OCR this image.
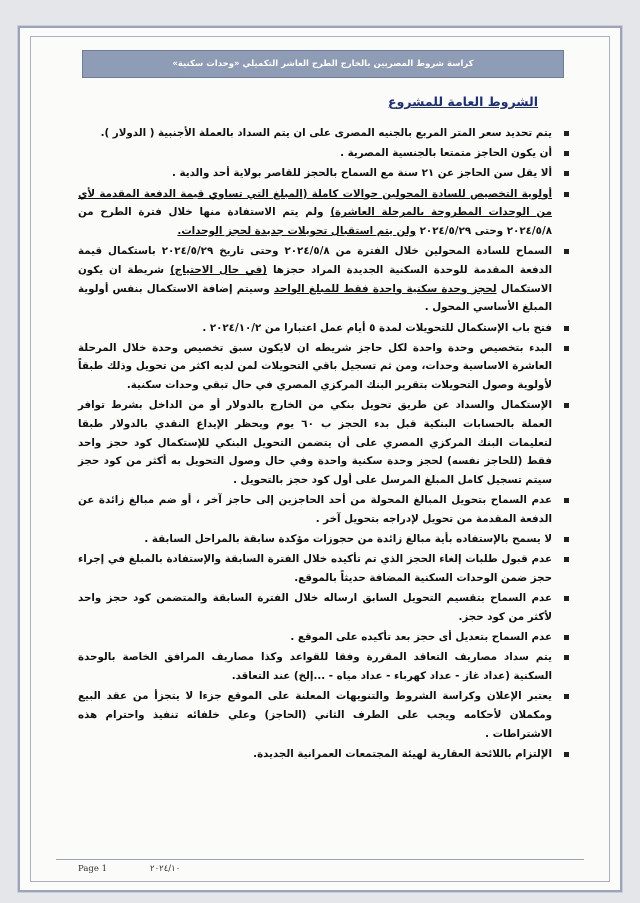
كراسة شروط المصريين بالخارج الطرح العاشر التكميلي «وحدات سكنية»
الشروط العامة للمشروع
يتم تحديد سعر المتر المربع بالجنيه المصرى على ان يتم السداد بالعملة الأجنبية ( الدولار ).
أن يكون الحاجز متمتعا بالجنسية المصرية .
ألا يقل سن الحاجز عن ٢١ سنة مع السماح بالحجز للقاصر بولاية أحد والدية .
أولوية التخصيص للسادة المحولين حوالات كاملة (المبلغ التي تساوي قيمة الدفعة المقدمة لأي من الوحدات المطروحة بالمرحلة العاشرة) ولم يتم الاستفادة منها خلال فترة الطرح من ٢٠٢٤/٥/٨ وحتى ٢٠٢٤/٥/٢٩ ولن يتم استقبال تحويلات جديدة لحجز الوحدات.
السماح للسادة المحولين خلال الفترة من ٢٠٢٤/٥/٨ وحتى تاريخ ٢٠٢٤/٥/٢٩ باستكمال قيمة الدفعة المقدمة للوحدة السكنية الجديدة المراد حجزها (في حال الاحتياج) شريطة ان يكون الاستكمال لحجز وحدة سكنية واحدة فقط للمبلغ الواحد وسيتم إضافة الاستكمال بنفس أولوية المبلغ الأساسي المحول .
فتح باب الإستكمال للتحويلات لمدة ٥ أيام عمل اعتبارا من ٢٠٢٤/١٠/٢ .
البدء بتخصيص وحدة واحدة لكل حاجز شريطه ان لايكون سبق تخصيص وحدة خلال المرحلة العاشرة الاساسية وحدات، ومن ثم تسجيل باقي التحويلات لمن لديه اكثر من تحويل وذلك طبقاً لأولوية وصول التحويلات بتقرير البنك المركزي المصري في حال تبقي وحدات سكنية.
الإستكمال والسداد عن طريق تحويل بنكي من الخارج بالدولار أو من الداخل بشرط توافر العملة بالحسابات البنكية قبل بدء الحجز ب ٦٠ يوم ويحظر الإيداع النقدي بالدولار طبقا لتعليمات البنك المركزي المصري على أن يتضمن التحويل البنكي للإستكمال كود حجز واحد فقط (للحاجز نفسه) لحجز وحدة سكنية واحدة وفي حال وصول التحويل به أكثر من كود حجز سيتم تسجيل كامل المبلغ المرسل على أول كود حجز بالتحويل .
عدم السماح بتحويل المبالغ المحولة من أحد الحاجزين إلى حاجز آخر ، أو ضم مبالغ زائدة عن الدفعة المقدمة من تحويل لإدراجه بتحويل آخر .
لا يسمح بالإستفاده بأية مبالغ زائدة من حجوزات مؤكدة سابقة بالمراحل السابقة .
عدم قبول طلبات إلغاء الحجز الذي تم تأكيده خلال الفترة السابقة والإستفادة بالمبلغ في إجراء حجز ضمن الوحدات السكنية المضافة حديثاً بالموقع.
عدم السماح بتقسيم التحويل السابق ارساله خلال الفترة السابقة والمتضمن كود حجز واحد لأكثر من كود حجز.
عدم السماح بتعديل أى حجز بعد تأكيده على الموقع .
يتم سداد مصاريف التعاقد المقررة وفقا للقواعد وكذا مصاريف المرافق الخاصة بالوحدة السكنية (عداد غاز - عداد كهرباء - عداد مياه - ...إلخ) عند التعاقد.
يعتبر الإعلان وكراسة الشروط والتنويهات المعلنة على الموقع جزءا لا يتجزأ من عقد البيع ومكملان لأحكامه ويجب على الطرف الثاني (الحاجز) وعلي خلفائه تنفيذ واحترام هذه الاشتراطات .
الإلتزام باللائحة العقارية لهيئة المجتمعات العمرانية الجديدة.
Page 1	٢٠٢٤/١٠
